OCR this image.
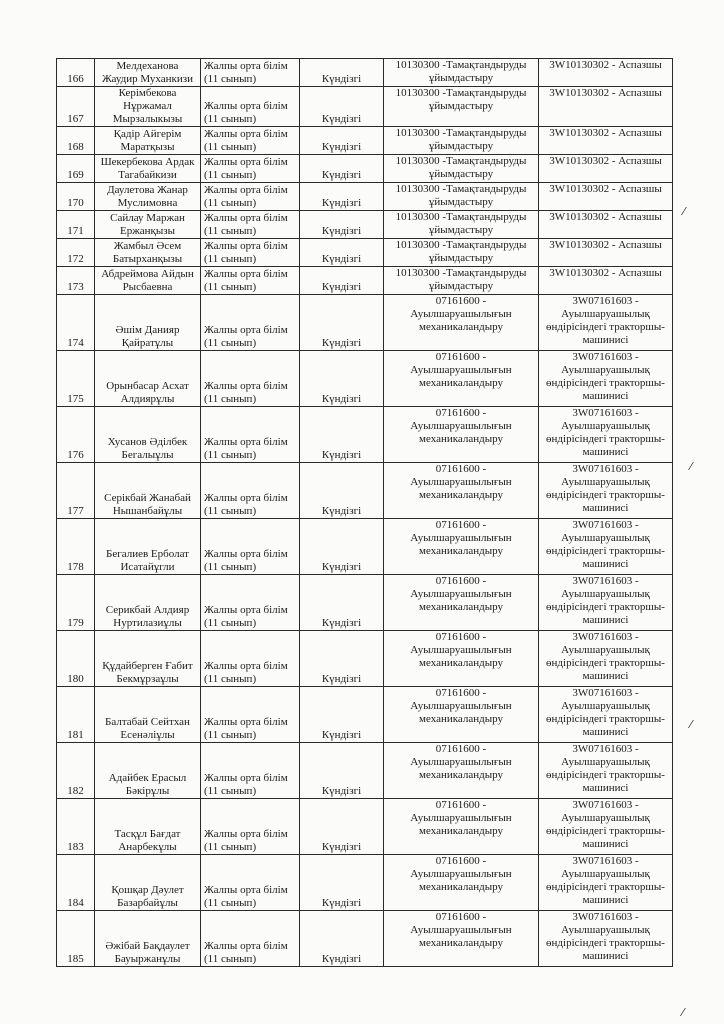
166	Мелдеханова Жаудир Муханкизи	Жалпы орта білім (11 сынып)	Күндізгі	10130300 -Тамақтандыруды ұйымдастыру	3W10130302 - Аспазшы

167	Керімбекова Нұржамал Мырзалыкызы	Жалпы орта білім (11 сынып)	Күндізгі	10130300 -Тамақтандыруды ұйымдастыру	3W10130302 - Аспазшы

168	Қадір Айгерім Маратқызы	Жалпы орта білім (11 сынып)	Күндізгі	10130300 -Тамақтандыруды ұйымдастыру	3W10130302 - Аспазшы

169	Шекербекова Ардак Тагабайкизи	Жалпы орта білім (11 сынып)	Күндізгі	10130300 -Тамақтандыруды ұйымдастыру	3W10130302 - Аспазшы

170	Даулетова Жанар Муслимовна	Жалпы орта білім (11 сынып)	Күндізгі	10130300 -Тамақтандыруды ұйымдастыру	3W10130302 - Аспазшы

171	Сайлау Маржан Ержанқызы	Жалпы орта білім (11 сынып)	Күндізгі	10130300 -Тамақтандыруды ұйымдастыру	3W10130302 - Аспазшы

172	Жамбыл Әсем Батырханқызы	Жалпы орта білім (11 сынып)	Күндізгі	10130300 -Тамақтандыруды ұйымдастыру	3W10130302 - Аспазшы

173	Абдреймова Айдын Рысбаевна	Жалпы орта білім (11 сынып)	Күндізгі	10130300 -Тамақтандыруды ұйымдастыру	3W10130302 - Аспазшы

174	Әшім Данияр Қайратұлы	Жалпы орта білім (11 сынып)	Күндізгі	07161600 - Ауылшаруашылығын механикаландыру	3W07161603 - Ауылшаруашылық өндірісіндегі тракторшы-машинисі

175	Орынбасар Асхат Алдиярұлы	Жалпы орта білім (11 сынып)	Күндізгі	07161600 - Ауылшаруашылығын механикаландыру	3W07161603 - Ауылшаруашылық өндірісіндегі тракторшы-машинисі

176	Хусанов Әділбек Бегалыұлы	Жалпы орта білім (11 сынып)	Күндізгі	07161600 - Ауылшаруашылығын механикаландыру	3W07161603 - Ауылшаруашылық өндірісіндегі тракторшы-машинисі

177	Серікбай Жанабай Нышанбайұлы	Жалпы орта білім (11 сынып)	Күндізгі	07161600 - Ауылшаруашылығын механикаландыру	3W07161603 - Ауылшаруашылық өндірісіндегі тракторшы-машинисі

178	Бегалиев Ерболат Исатайұгли	Жалпы орта білім (11 сынып)	Күндізгі	07161600 - Ауылшаруашылығын механикаландыру	3W07161603 - Ауылшаруашылық өндірісіндегі тракторшы-машинисі

179	Серикбай Алдияр Нуртилазиұлы	Жалпы орта білім (11 сынып)	Күндізгі	07161600 - Ауылшаруашылығын механикаландыру	3W07161603 - Ауылшаруашылық өндірісіндегі тракторшы-машинисі

180	Құдайберген Ғабит Бекмұрзаұлы	Жалпы орта білім (11 сынып)	Күндізгі	07161600 - Ауылшаруашылығын механикаландыру	3W07161603 - Ауылшаруашылық өндірісіндегі тракторшы-машинисі

181	Балтабай Сейтхан Есенәліұлы	Жалпы орта білім (11 сынып)	Күндізгі	07161600 - Ауылшаруашылығын механикаландыру	3W07161603 - Ауылшаруашылық өндірісіндегі тракторшы-машинисі

182	Адайбек Ерасыл Бәкірұлы	Жалпы орта білім (11 сынып)	Күндізгі	07161600 - Ауылшаруашылығын механикаландыру	3W07161603 - Ауылшаруашылық өндірісіндегі тракторшы-машинисі

183	Тасқұл Бағдат Анарбекұлы	Жалпы орта білім (11 сынып)	Күндізгі	07161600 - Ауылшаруашылығын механикаландыру	3W07161603 - Ауылшаруашылық өндірісіндегі тракторшы-машинисі

184	Қошқар Дәулет Базарбайұлы	Жалпы орта білім (11 сынып)	Күндізгі	07161600 - Ауылшаруашылығын механикаландыру	3W07161603 - Ауылшаруашылық өндірісіндегі тракторшы-машинисі

185	Әжібай Бақдаулет Бауыржанұлы	Жалпы орта білім (11 сынып)	Күндізгі	07161600 - Ауылшаруашылығын механикаландыру	3W07161603 - Ауылшаруашылық өндірісіндегі тракторшы-машинисі
⁄
⁄
⁄
⁄
